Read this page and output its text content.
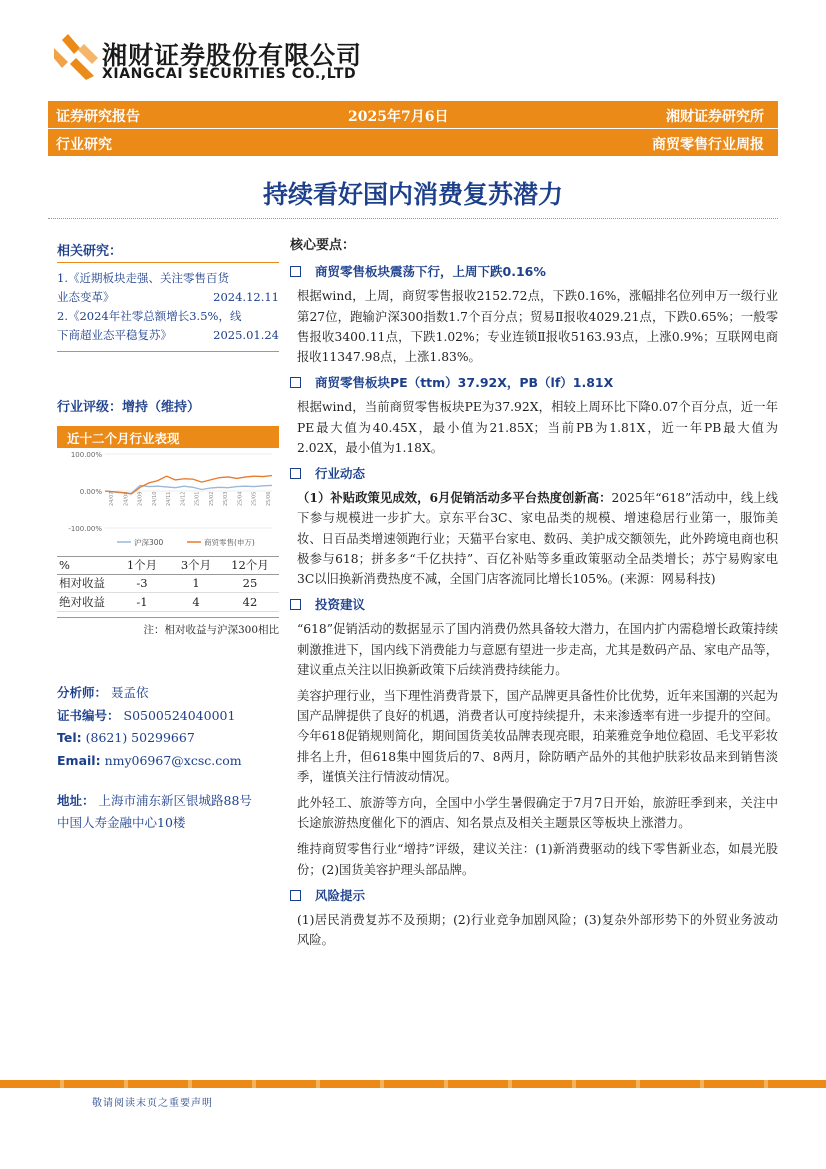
湘财证券股份有限公司
XIANGCAI SECURITIES CO.,LTD
证券研究报告	2025年7月6日	湘财证券研究所
行业研究	商贸零售行业周报
持续看好国内消费复苏潜力
相关研究：
1.《近期板块走强、关注零售百货
业态变革》	2024.12.11
2.《2024年社零总额增长3.5%，线
下商超业态平稳复苏》	2025.01.24
行业评级：增持（维持）
近十二个月行业表现
100.00%
0.00%
-100.00%
24/07 24/08 24/09 24/10 24/11 24/12 25/01 25/02 25/03 25/04 25/05 25/06
沪深300	商贸零售(申万)
%	1个月	3个月	12个月
相对收益	-3	1	25
绝对收益	-1	4	42
注：相对收益与沪深300相比
分析师： 聂孟依
证书编号： S0500524040001
Tel: (8621) 50299667
Email: nmy06967@xcsc.com
地址： 上海市浦东新区银城路88号
中国人寿金融中心10楼
核心要点：
商贸零售板块震荡下行，上周下跌0.16%

根据wind，上周，商贸零售报收2152.72点，下跌0.16%，涨幅排名位列申万一级行业第27位，跑输沪深300指数1.7个百分点；贸易Ⅱ报收4029.21点，下跌0.65%；一般零售报收3400.11点，下跌1.02%；专业连锁Ⅱ报收5163.93点，上涨0.9%；互联网电商报收11347.98点，上涨1.83%。

商贸零售板块PE（ttm）37.92X，PB（lf）1.81X

根据wind，当前商贸零售板块PE为37.92X，相较上周环比下降0.07个百分点，近一年PE最大值为40.45X，最小值为21.85X；当前PB为1.81X，近一年PB最大值为2.02X，最小值为1.18X。

行业动态

（1）补贴政策见成效，6月促销活动多平台热度创新高：2025年“618”活动中，线上线下参与规模进一步扩大。京东平台3C、家电品类的规模、增速稳居行业第一，服饰美妆、日百品类增速领跑行业；天猫平台家电、数码、美护成交额领先，此外跨境电商也积极参与618；拼多多“千亿扶持”、百亿补贴等多重政策驱动全品类增长；苏宁易购家电3C以旧换新消费热度不减，全国门店客流同比增长105%。(来源：网易科技)

投资建议

“618”促销活动的数据显示了国内消费仍然具备较大潜力，在国内扩内需稳增长政策持续刺激推进下，国内线下消费能力与意愿有望进一步走高，尤其是数码产品、家电产品等，建议重点关注以旧换新政策下后续消费持续能力。

美容护理行业，当下理性消费背景下，国产品牌更具备性价比优势，近年来国潮的兴起为国产品牌提供了良好的机遇，消费者认可度持续提升，未来渗透率有进一步提升的空间。今年618促销规则简化，期间国货美妆品牌表现亮眼，珀莱雅竞争地位稳固、毛戈平彩妆排名上升，但618集中囤货后的7、8两月，除防晒产品外的其他护肤彩妆品来到销售淡季，谨慎关注行情波动情况。

此外轻工、旅游等方向，全国中小学生暑假确定于7月7日开始，旅游旺季到来，关注中长途旅游热度催化下的酒店、知名景点及相关主题景区等板块上涨潜力。

维持商贸零售行业“增持”评级，建议关注：(1)新消费驱动的线下零售新业态，如晨光股份；(2)国货美容护理头部品牌。

风险提示

(1)居民消费复苏不及预期；(2)行业竞争加剧风险；(3)复杂外部形势下的外贸业务波动风险。

敬请阅读末页之重要声明
